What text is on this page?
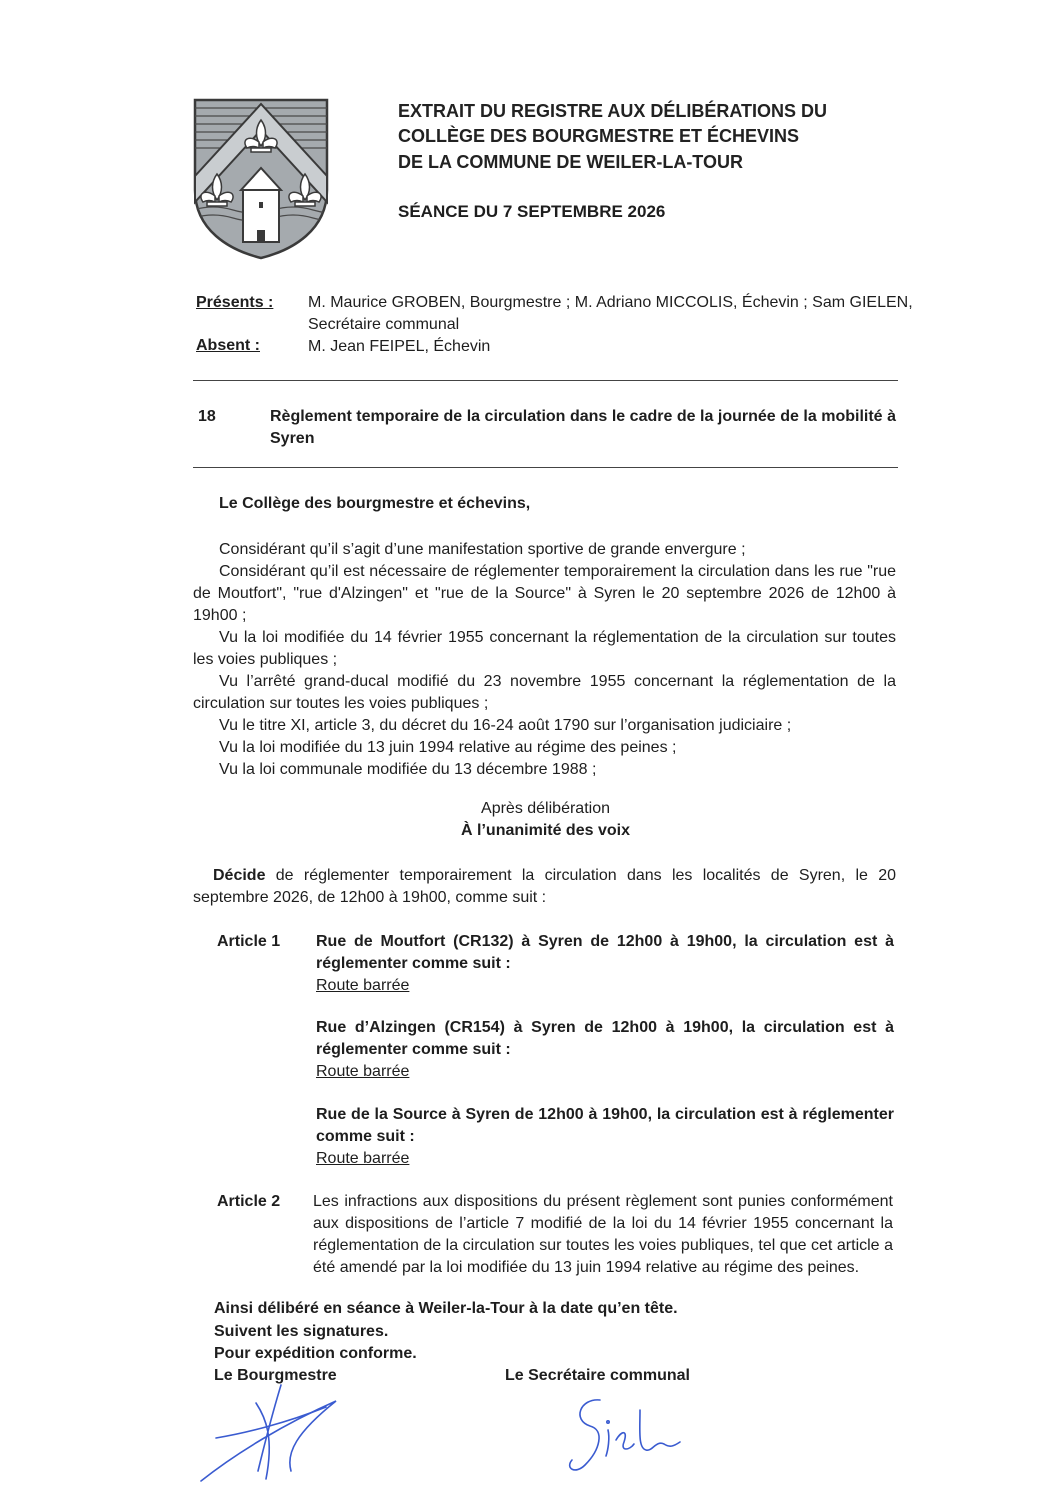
EXTRAIT DU REGISTRE AUX DÉLIBÉRATIONS DU
COLLÈGE DES BOURGMESTRE ET ÉCHEVINS
DE LA COMMUNE DE WEILER-LA-TOUR
SÉANCE DU 7 SEPTEMBRE 2026
Présents : M. Maurice GROBEN, Bourgmestre ; M. Adriano MICCOLIS, Échevin ; Sam GIELEN,
Secrétaire communal
Absent :	M. Jean FEIPEL, Échevin
18	Règlement temporaire de la circulation dans le cadre de la journée de la mobilité à Syren
Le Collège des bourgmestre et échevins,

Considérant qu’il s’agit d’une manifestation sportive de grande envergure ;

Considérant qu’il est nécessaire de réglementer temporairement la circulation dans les rue "rue de Moutfort", "rue d'Alzingen" et "rue de la Source" à Syren le 20 septembre 2026 de 12h00 à 19h00 ;

Vu la loi modifiée du 14 février 1955 concernant la réglementation de la circulation sur toutes les voies publiques ;

Vu l’arrêté grand-ducal modifié du 23 novembre 1955 concernant la réglementation de la circulation sur toutes les voies publiques ;

Vu le titre XI, article 3, du décret du 16-24 août 1790 sur l’organisation judiciaire ;

Vu la loi modifiée du 13 juin 1994 relative au régime des peines ;

Vu la loi communale modifiée du 13 décembre 1988 ;

Après délibération
À l’unanimité des voix

Décide de réglementer temporairement la circulation dans les localités de Syren, le 20 septembre 2026, de 12h00 à 19h00, comme suit :

Article 1 Rue de Moutfort (CR132) à Syren de 12h00 à 19h00, la circulation est à réglementer comme suit :

Route barrée

Rue d’Alzingen (CR154) à Syren de 12h00 à 19h00, la circulation est à réglementer comme suit :

Route barrée

Rue de la Source à Syren de 12h00 à 19h00, la circulation est à réglementer comme suit :

Route barrée

Article 2 Les infractions aux dispositions du présent règlement sont punies conformément aux dispositions de l’article 7 modifié de la loi du 14 février 1955 concernant la réglementation de la circulation sur toutes les voies publiques, tel que cet article a été amendé par la loi modifiée du 13 juin 1994 relative au régime des peines.

Ainsi délibéré en séance à Weiler-la-Tour à la date qu’en tête.
Suivent les signatures.
Pour expédition conforme.
Le Bourgmestre	Le Secrétaire communal
